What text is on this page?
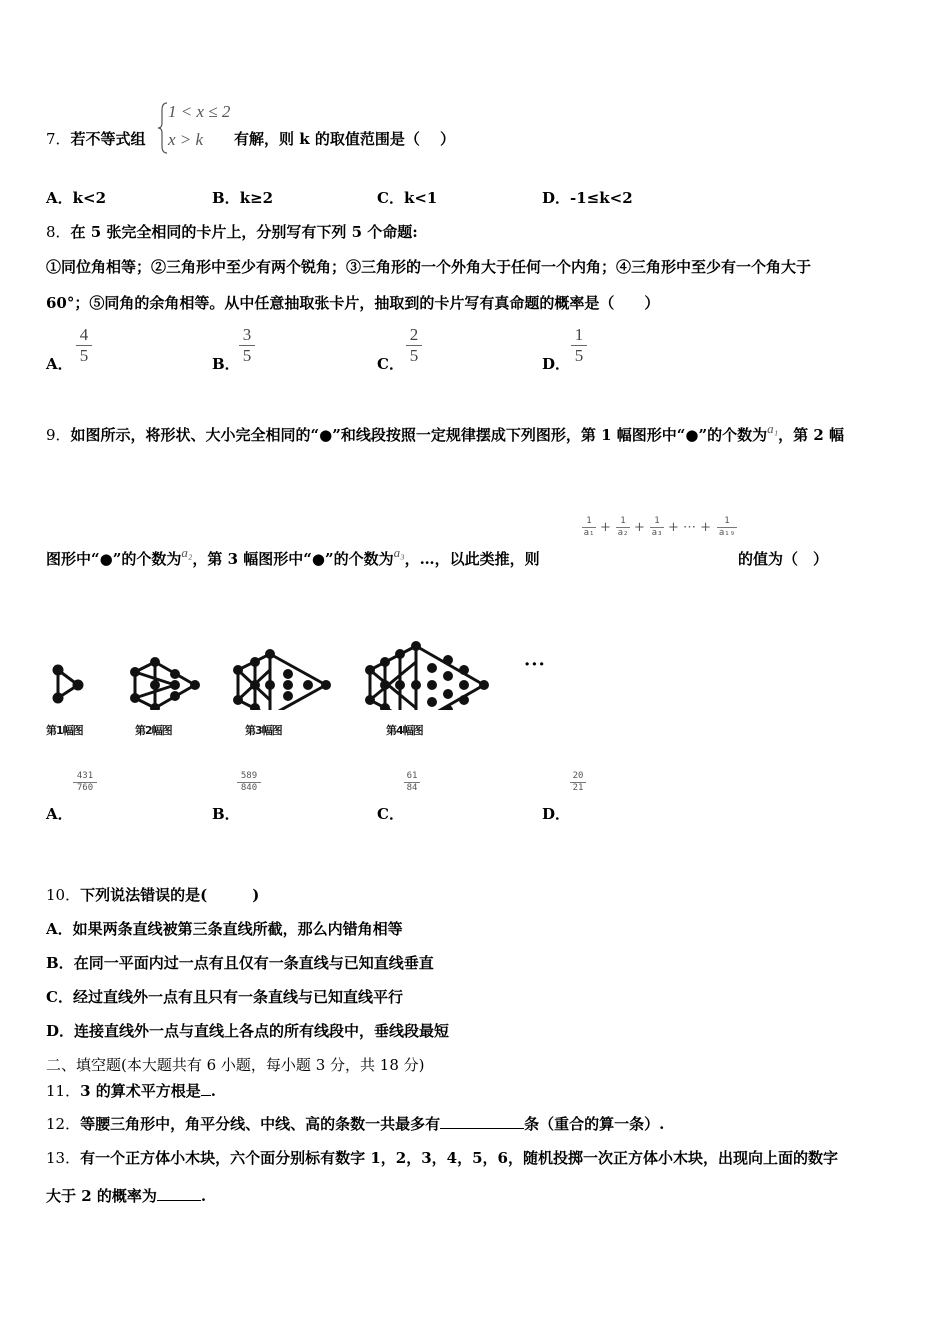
7．若不等式组
1 < x ≤ 2
x > k 有解，则 k 的取值范围是（　 ）
A．k<2	B．k≥2	C．k<1	D．-1≤k<2
8．在 5 张完全相同的卡片上，分别写有下列 5 个命题:
①同位角相等；②三角形中至少有两个锐角；③三角形的一个外角大于任何一个内角；④三角形中至少有一个角大于
60°；⑤同角的余角相等。从中任意抽取张卡片，抽取到的卡片写有真命题的概率是（　　）
A．
4
5	B．
3
5	C．
2
5	D．
1
5
9．如图所示，将形状、大小完全相同的“●”和线段按照一定规律摆成下列图形，第 1 幅图形中“●”的个数为a₁，第 2 幅
图形中“●”的个数为a₂，第 3 幅图形中“●”的个数为a₃，…，以此类推，则	的值为（　）
1
a₁ +	1
a₂ +	1
a₃ + ⋯ +	1
a₁₉
···
第1幅图	第2幅图	第3幅图	第4幅图
A．
431
760
B．
589
840
C．
61
84
D．
20
21
10．下列说法错误的是(　　　)
A．如果两条直线被第三条直线所截，那么内错角相等
B．在同一平面内过一点有且仅有一条直线与已知直线垂直
C．经过直线外一点有且只有一条直线与已知直线平行
D．连接直线外一点与直线上各点的所有线段中，垂线段最短
二、填空题(本大题共有 6 小题，每小题 3 分，共 18 分)
11．3 的算术平方根是 .
12．等腰三角形中，角平分线、中线、高的条数一共最多有	条（重合的算一条）.
13．有一个正方体小木块，六个面分别标有数字 1，2，3，4，5，6，随机投掷一次正方体小木块，出现向上面的数字
大于 2 的概率为	.
